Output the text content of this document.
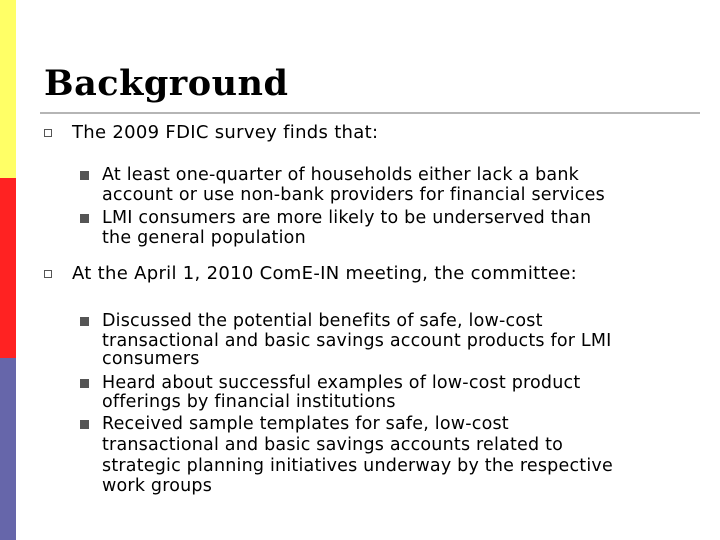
Background
The 2009 FDIC survey finds that:
At least one-quarter of households either lack a bank
account or use non-bank providers for financial services
LMI consumers are more likely to be underserved than
the general population
At the April 1, 2010 ComE-IN meeting, the committee:
Discussed the potential benefits of safe, low-cost
transactional and basic savings account products for LMI
consumers
Heard about successful examples of low-cost product
offerings by financial institutions
Received sample templates for safe, low-cost
transactional and basic savings accounts related to
strategic planning initiatives underway by the respective
work groups
